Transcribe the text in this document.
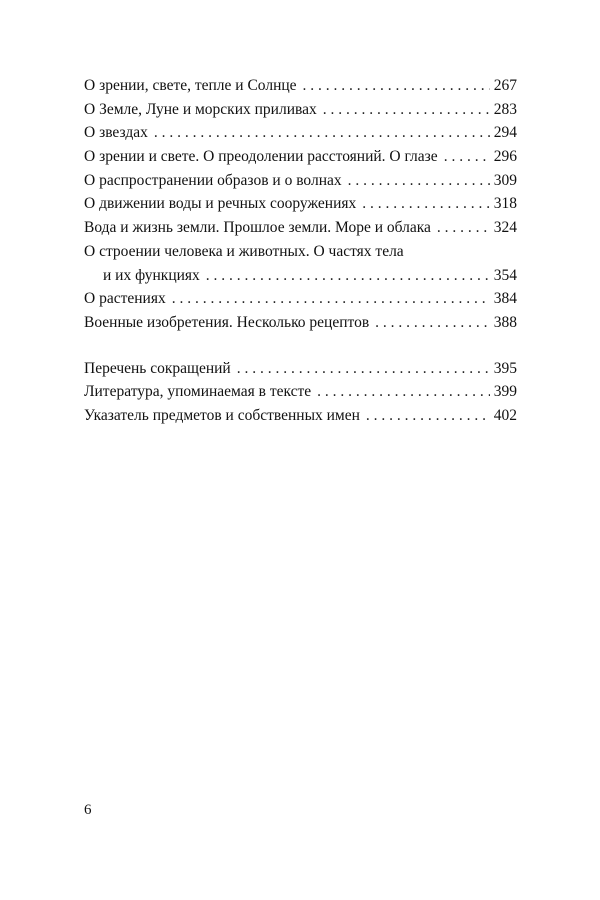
О зрении, свете, тепле и Солнце . . .	267
О Земле, Луне и морских приливах . . .	283
О звездах . . .	294
О зрении и свете. О преодолении расстояний. О глазе . . .	296
О распространении образов и о волнах . . .	309
О движении воды и речных сооружениях . . .	318
Вода и жизнь земли. Прошлое земли. Море и облака . . .	324
О строении человека и животных. О частях тела
и их функциях . . .	354
О растениях . . .	384
Военные изобретения. Несколько рецептов . . .	388
Перечень сокращений . . .	395
Литература, упоминаемая в тексте . . .	399
Указатель предметов и собственных имен . . .	402
6
